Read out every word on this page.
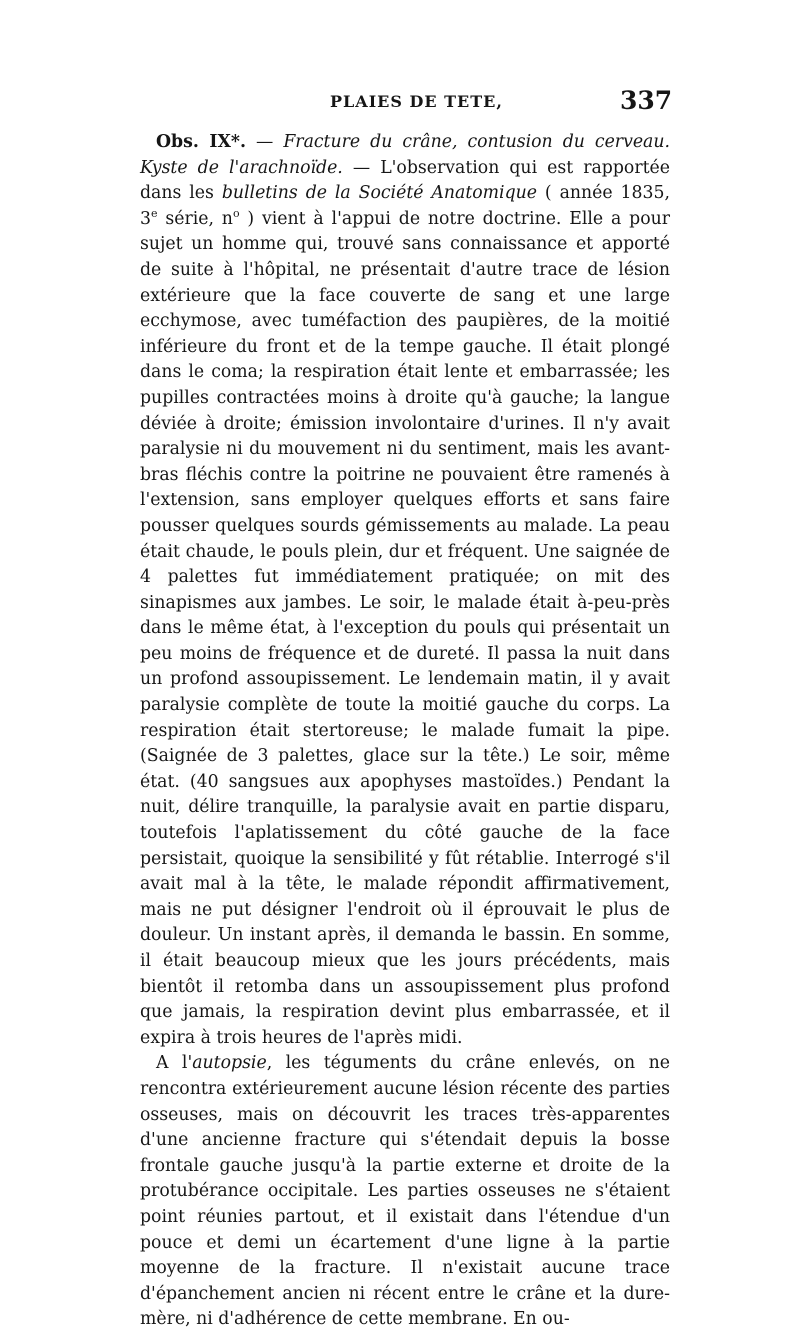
PLAIES DE TETE,	337

Obs. IX*. — Fracture du crâne, contusion du cerveau. Kyste de l'arachnoïde. — L'observation qui est rapportée dans les bulletins de la Société Anatomique ( année 1835, 3e série, $n^o$ ) vient à l'appui de notre doctrine. Elle a pour sujet un homme qui, trouvé sans connaissance et apporté de suite à l'hôpital, ne présentait d'autre trace de lésion extérieure que la face couverte de sang et une large ecchymose, avec tuméfaction des paupières, de la moitié inférieure du front et de la tempe gauche. Il était plongé dans le coma; la respiration était lente et embarrassée; les pupilles contractées moins à droite qu'à gauche; la langue déviée à droite; émission involontaire d'urines. Il n'y avait paralysie ni du mouvement ni du sentiment, mais les avant-bras fléchis contre la poitrine ne pouvaient être ramenés à l'extension, sans employer quelques efforts et sans faire pousser quelques sourds gémissements au malade. La peau était chaude, le pouls plein, dur et fréquent. Une saignée de 4 palettes fut immédiatement pratiquée; on mit des sinapismes aux jambes. Le soir, le malade était à-peu-près dans le même état, à l'exception du pouls qui présentait un peu moins de fréquence et de dureté. Il passa la nuit dans un profond assoupissement. Le lendemain matin, il y avait paralysie complète de toute la moitié gauche du corps. La respiration était stertoreuse; le malade fumait la pipe. (Saignée de 3 palettes, glace sur la tête.) Le soir, même état. (40 sangsues aux apophyses mastoïdes.) Pendant la nuit, délire tranquille, la paralysie avait en partie disparu, toutefois l'aplatissement du côté gauche de la face persistait, quoique la sensibilité y fût rétablie. Interrogé s'il avait mal à la tête, le malade répondit affirmativement, mais ne put désigner l'endroit où il éprouvait le plus de douleur. Un instant après, il demanda le bassin. En somme, il était beaucoup mieux que les jours précédents, mais bientôt il retomba dans un assoupissement plus profond que jamais, la respiration devint plus embarrassée, et il expira à trois heures de l'après midi.

A l'autopsie, les téguments du crâne enlevés, on ne rencontra extérieurement aucune lésion récente des parties osseuses, mais on découvrit les traces très-apparentes d'une ancienne fracture qui s'étendait depuis la bosse frontale gauche jusqu'à la partie externe et droite de la protubérance occipitale. Les parties osseuses ne s'étaient point réunies partout, et il existait dans l'étendue d'un pouce et demi un écartement d'une ligne à la partie moyenne de la fracture. Il n'existait aucune trace d'épanchement ancien ni récent entre le crâne et la dure-mère, ni d'adhérence de cette membrane. En ou-
